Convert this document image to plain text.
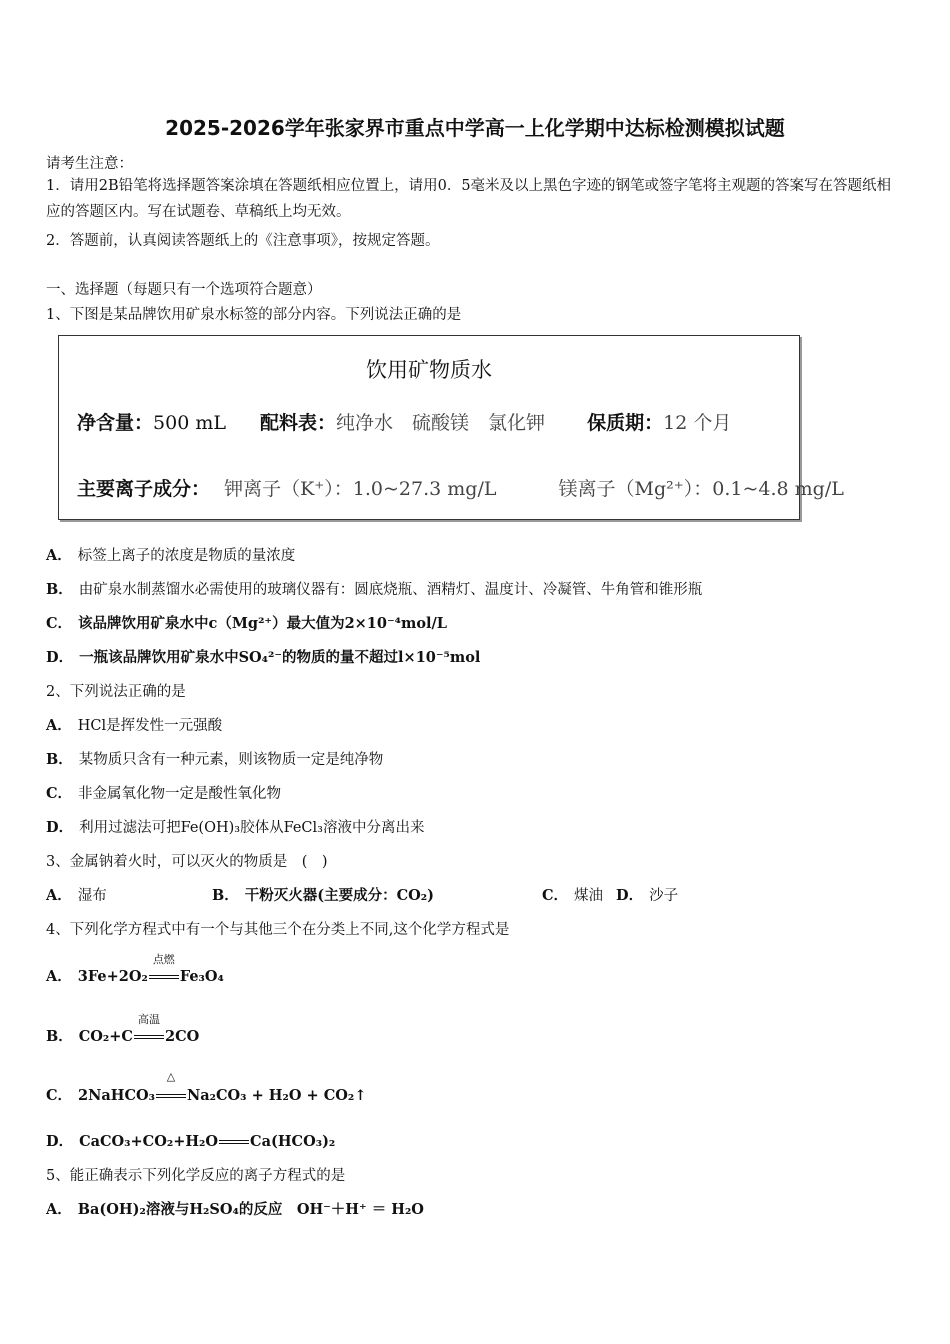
2025-2026学年张家界市重点中学高一上化学期中达标检测模拟试题
请考生注意：
1．请用2B铅笔将选择题答案涂填在答题纸相应位置上，请用0．5毫米及以上黑色字迹的钢笔或签字笔将主观题的答案写在答题纸相应的答题区内。写在试题卷、草稿纸上均无效。
2．答题前，认真阅读答题纸上的《注意事项》，按规定答题。
一、选择题（每题只有一个选项符合题意）
1、下图是某品牌饮用矿泉水标签的部分内容。下列说法正确的是
饮用矿物质水
净含量：500 mL 配料表：纯净水　硫酸镁　氯化钾 保质期：12 个月
主要离子成分： 钾离子（K⁺）：1.0~27.3 mg/L	镁离子（Mg²⁺）：0.1~4.8 mg/L
A． 标签上离子的浓度是物质的量浓度
B． 由矿泉水制蒸馏水必需使用的玻璃仪器有：圆底烧瓶、酒精灯、温度计、冷凝管、牛角管和锥形瓶
C． 该品牌饮用矿泉水中c（Mg²⁺）最大值为2×10⁻⁴mol/L
D． 一瓶该品牌饮用矿泉水中SO₄²⁻的物质的量不超过l×10⁻⁵mol
2、下列说法正确的是
A． HCl是挥发性一元强酸
B． 某物质只含有一种元素，则该物质一定是纯净物
C． 非金属氧化物一定是酸性氧化物
D． 利用过滤法可把Fe(OH)₃胶体从FeCl₃溶液中分离出来
3、金属钠着火时，可以灭火的物质是　(　)
A． 湿布	B． 干粉灭火器(主要成分：CO₂)	C． 煤油 D． 沙子
4、下列化学方程式中有一个与其他三个在分类上不同,这个化学方程式是
A． 3Fe+2O₂
点燃
Fe₃O₄
B． CO₂+C
高温
2CO
C． 2NaHCO₃
△
Na₂CO₃ + H₂O + CO₂↑
D． CaCO₃+CO₂+H₂O Ca(HCO₃)₂
5、能正确表示下列化学反应的离子方程式的是
A． Ba(OH)₂溶液与H₂SO₄的反应　OH⁻＋H⁺ ＝ H₂O
